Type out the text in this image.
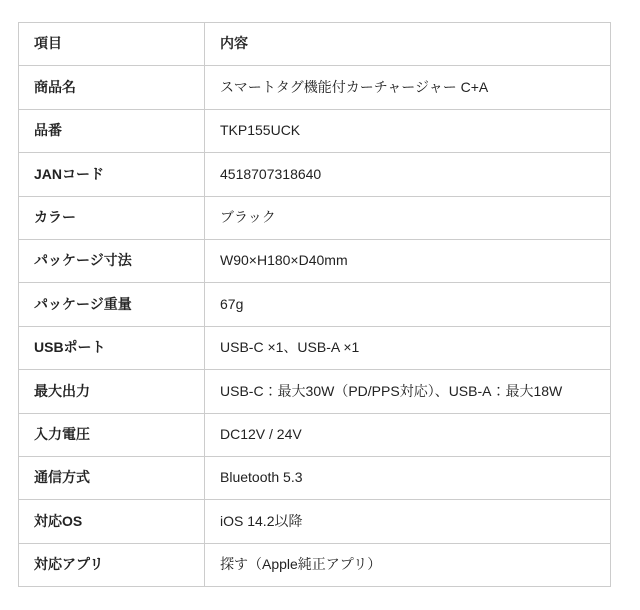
項目	内容
商品名	スマートタグ機能付カーチャージャー C+A
品番	TKP155UCK
JANコード	4518707318640
カラー	ブラック
パッケージ寸法	W90×H180×D40mm
パッケージ重量	67g
USBポート	USB-C ×1、USB-A ×1
最大出力	USB-C：最大30W（PD/PPS対応）、USB-A：最大18W
入力電圧	DC12V / 24V
通信方式	Bluetooth 5.3
対応OS	iOS 14.2以降
対応アプリ	探す（Apple純正アプリ）
